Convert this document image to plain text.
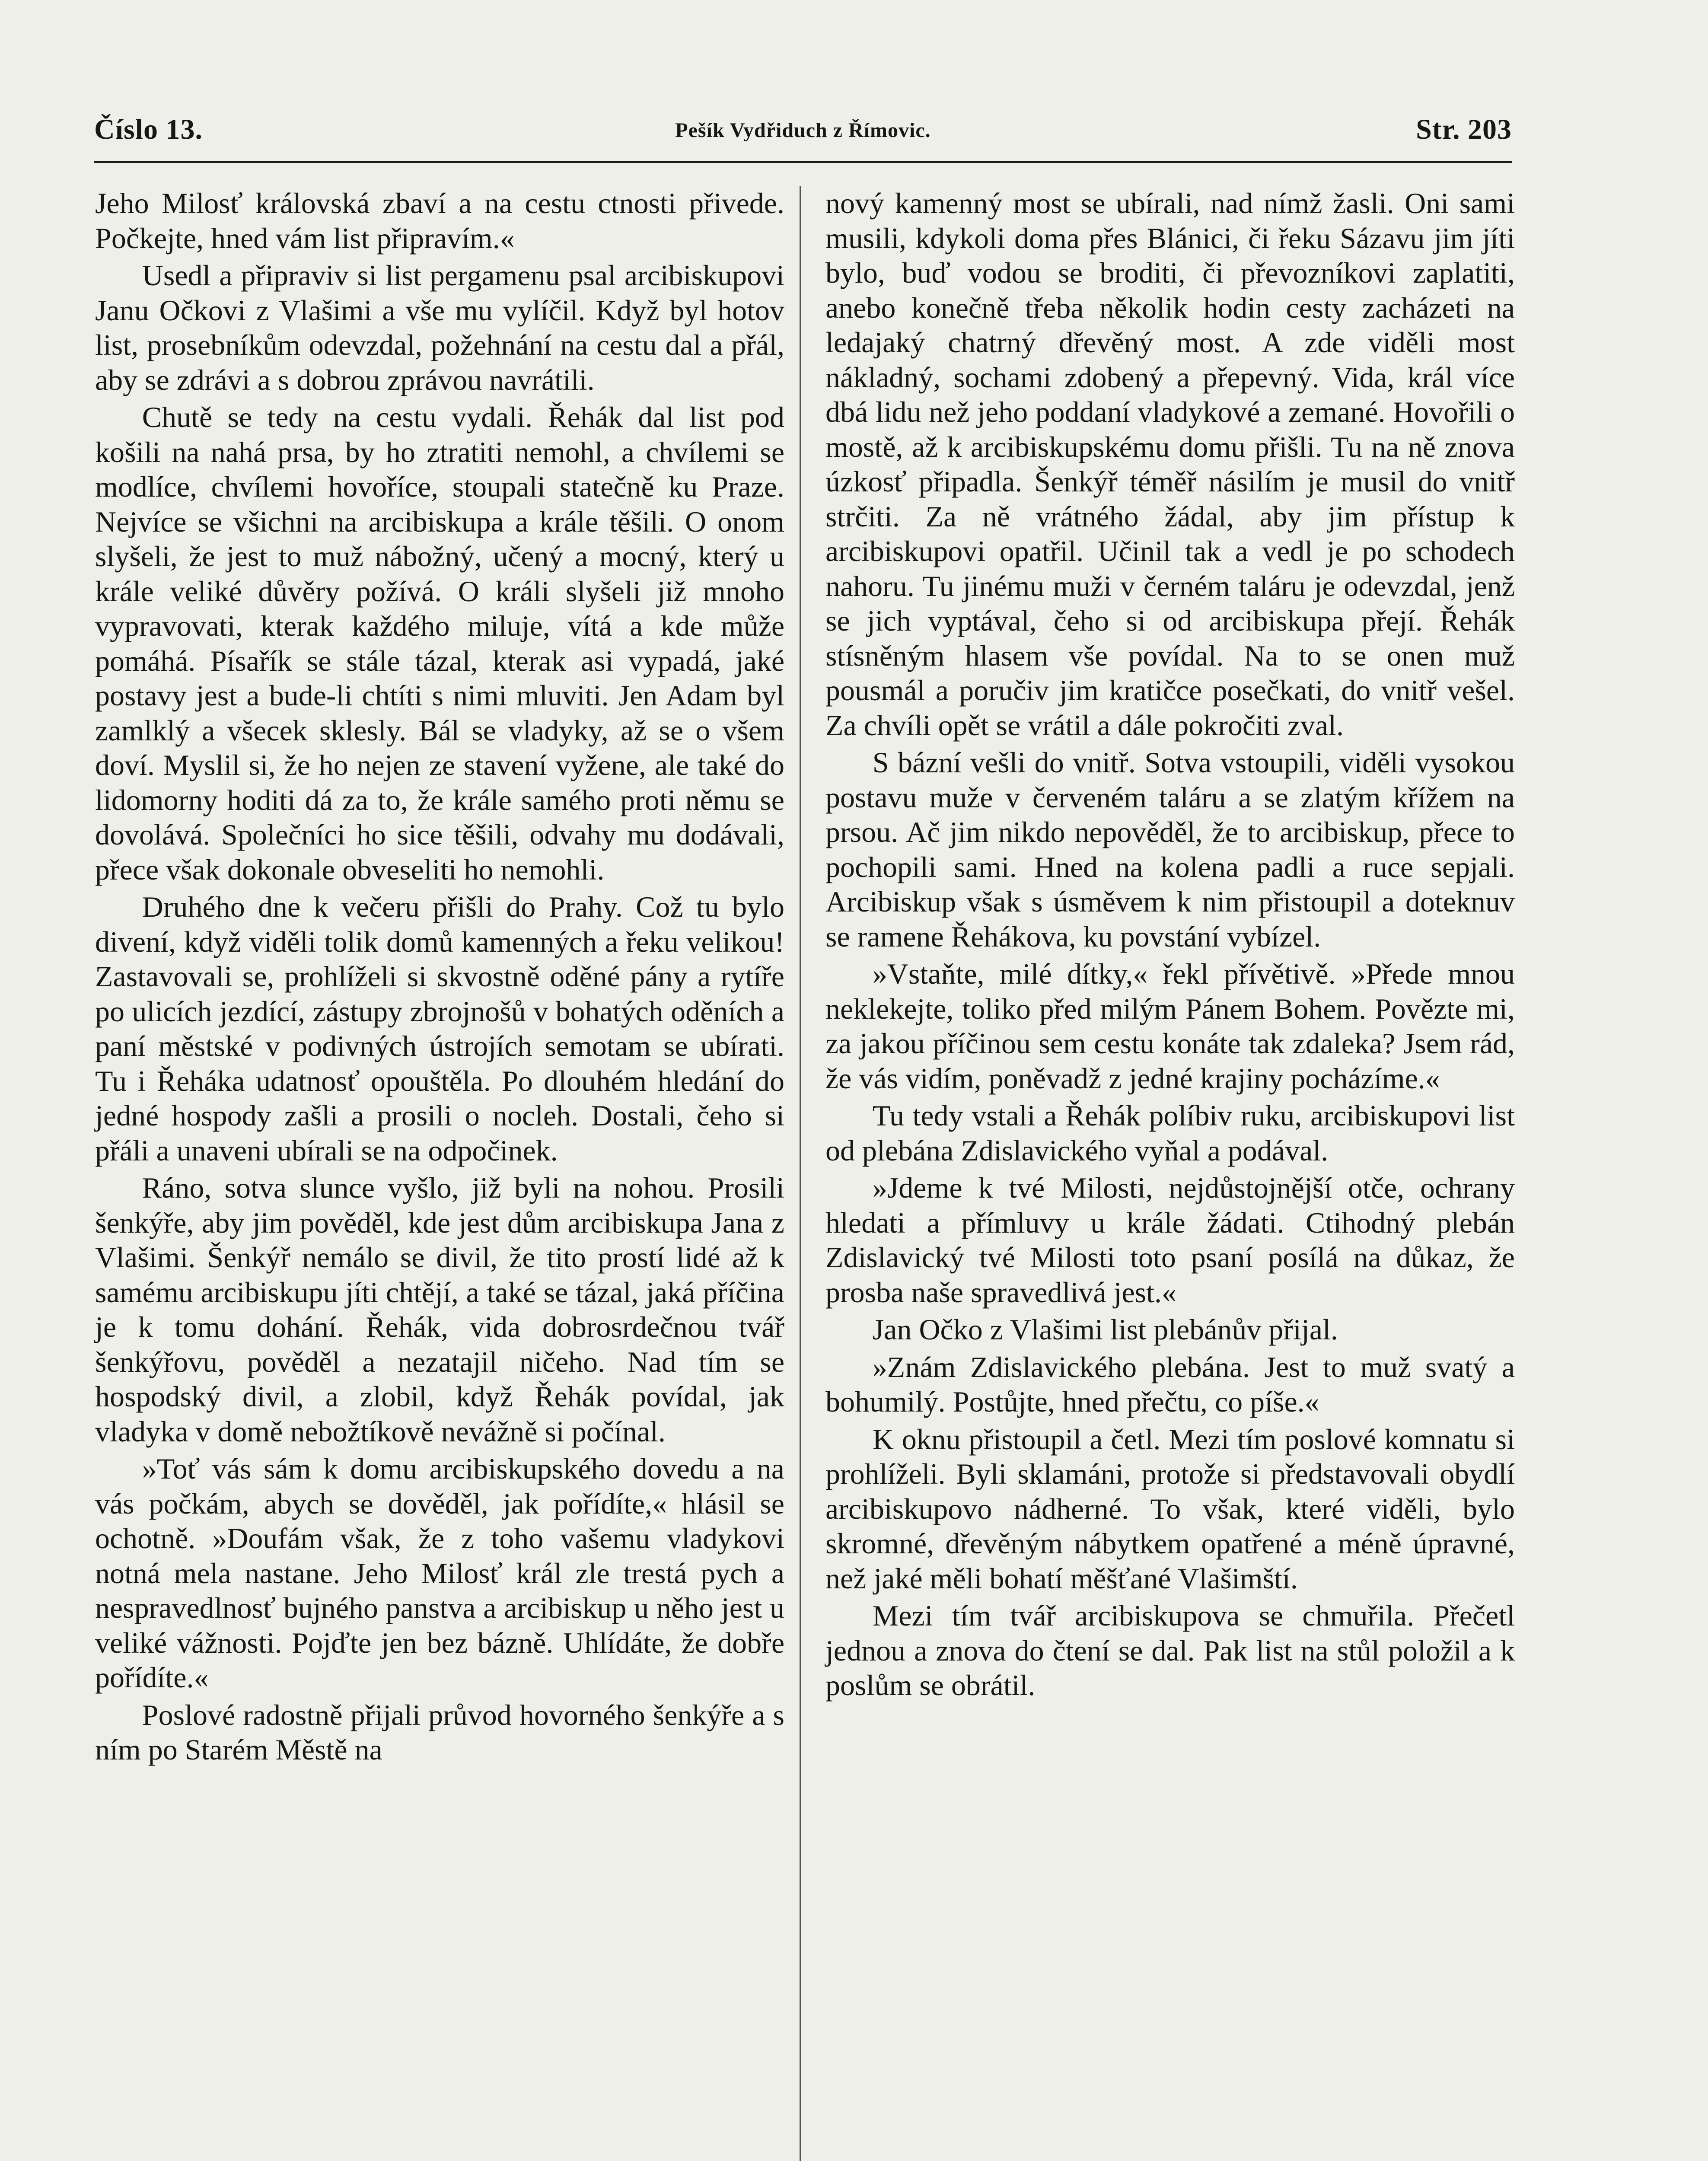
Číslo 13.	Pešík Vydřiduch z Římovic.	Str. 203

Jeho Milosť královská zbaví a na cestu ctnosti přivede. Počkejte, hned vám list připravím.«

Usedl a připraviv si list pergamenu psal arcibiskupovi Janu Očkovi z Vlašimi a vše mu vylíčil. Když byl hotov list, prosebníkům odevzdal, požehnání na cestu dal a přál, aby se zdrávi a s dobrou zprávou navrátili.

Chutě se tedy na cestu vydali. Řehák dal list pod košili na nahá prsa, by ho ztratiti nemohl, a chvílemi se modlíce, chvílemi hovoříce, stoupali statečně ku Praze. Nejvíce se všichni na arcibiskupa a krále těšili. O onom slyšeli, že jest to muž nábožný, učený a mocný, který u krále veliké důvěry požívá. O králi slyšeli již mnoho vypravovati, kterak každého miluje, vítá a kde může pomáhá. Písařík se stále tázal, kterak asi vypadá, jaké postavy jest a bude-li chtíti s nimi mluviti. Jen Adam byl zamlklý a všecek sklesly. Bál se vladyky, až se o všem doví. Myslil si, že ho nejen ze stavení vyžene, ale také do lidomorny hoditi dá za to, že krále samého proti němu se dovolává. Společníci ho sice těšili, odvahy mu dodávali, přece však dokonale obveseliti ho nemohli.

Druhého dne k večeru přišli do Prahy. Což tu bylo divení, když viděli tolik domů kamenných a řeku velikou! Zastavovali se, prohlíželi si skvostně oděné pány a rytíře po ulicích jezdící, zástupy zbrojnošů v bohatých oděních a paní městské v podivných ústrojích semotam se ubírati. Tu i Řeháka udatnosť opouštěla. Po dlouhém hledání do jedné hospody zašli a prosili o nocleh. Dostali, čeho si přáli a unaveni ubírali se na odpočinek.

Ráno, sotva slunce vyšlo, již byli na nohou. Prosili šenkýře, aby jim pověděl, kde jest dům arcibiskupa Jana z Vlašimi. Šenkýř nemálo se divil, že tito prostí lidé až k samému arcibiskupu jíti chtějí, a také se tázal, jaká příčina je k tomu dohání. Řehák, vida dobrosrdečnou tvář šenkýřovu, pověděl a nezatajil ničeho. Nad tím se hospodský divil, a zlobil, když Řehák povídal, jak vladyka v domě nebožtíkově nevážně si počínal.

»Toť vás sám k domu arcibiskupského dovedu a na vás počkám, abych se dověděl, jak pořídíte,« hlásil se ochotně. »Doufám však, že z toho vašemu vladykovi notná mela nastane. Jeho Milosť král zle trestá pych a nespravedlnosť bujného panstva a arcibiskup u něho jest u veliké vážnosti. Pojďte jen bez bázně. Uhlídáte, že dobře pořídíte.«

Poslové radostně přijali průvod hovorného šenkýře a s ním po Starém Městě na

nový kamenný most se ubírali, nad nímž žasli. Oni sami musili, kdykoli doma přes Blánici, či řeku Sázavu jim jíti bylo, buď vodou se broditi, či převozníkovi zaplatiti, anebo konečně třeba několik hodin cesty zacházeti na ledajaký chatrný dřevěný most. A zde viděli most nákladný, sochami zdobený a přepevný. Vida, král více dbá lidu než jeho poddaní vladykové a zemané. Hovořili o mostě, až k arcibiskupskému domu přišli. Tu na ně znova úzkosť připadla. Šenkýř téměř násilím je musil do vnitř strčiti. Za ně vrátného žádal, aby jim přístup k arcibiskupovi opatřil. Učinil tak a vedl je po schodech nahoru. Tu jinému muži v černém taláru je odevzdal, jenž se jich vyptával, čeho si od arcibiskupa přejí. Řehák stísněným hlasem vše povídal. Na to se onen muž pousmál a poručiv jim kratičce posečkati, do vnitř vešel. Za chvíli opět se vrátil a dále pokročiti zval.

S bázní vešli do vnitř. Sotva vstoupili, viděli vysokou postavu muže v červeném taláru a se zlatým křížem na prsou. Ač jim nikdo nepověděl, že to arcibiskup, přece to pochopili sami. Hned na kolena padli a ruce sepjali. Arcibiskup však s úsměvem k nim přistoupil a doteknuv se ramene Řehákova, ku povstání vybízel.

»Vstaňte, milé dítky,« řekl přívětivě. »Přede mnou neklekejte, toliko před milým Pánem Bohem. Povězte mi, za jakou příčinou sem cestu konáte tak zdaleka? Jsem rád, že vás vidím, poněvadž z jedné krajiny pocházíme.«

Tu tedy vstali a Řehák políbiv ruku, arcibiskupovi list od plebána Zdislavického vyňal a podával.

»Jdeme k tvé Milosti, nejdůstojnější otče, ochrany hledati a přímluvy u krále žádati. Ctihodný plebán Zdislavický tvé Milosti toto psaní posílá na důkaz, že prosba naše spravedlivá jest.«

Jan Očko z Vlašimi list plebánův přijal.

»Znám Zdislavického plebána. Jest to muž svatý a bohumilý. Postůjte, hned přečtu, co píše.«

K oknu přistoupil a četl. Mezi tím poslové komnatu si prohlíželi. Byli sklamáni, protože si představovali obydlí arcibiskupovo nádherné. To však, které viděli, bylo skromné, dřevěným nábytkem opatřené a méně úpravné, než jaké měli bohatí měšťané Vlašimští.

Mezi tím tvář arcibiskupova se chmuřila. Přečetl jednou a znova do čtení se dal. Pak list na stůl položil a k poslům se obrátil.
